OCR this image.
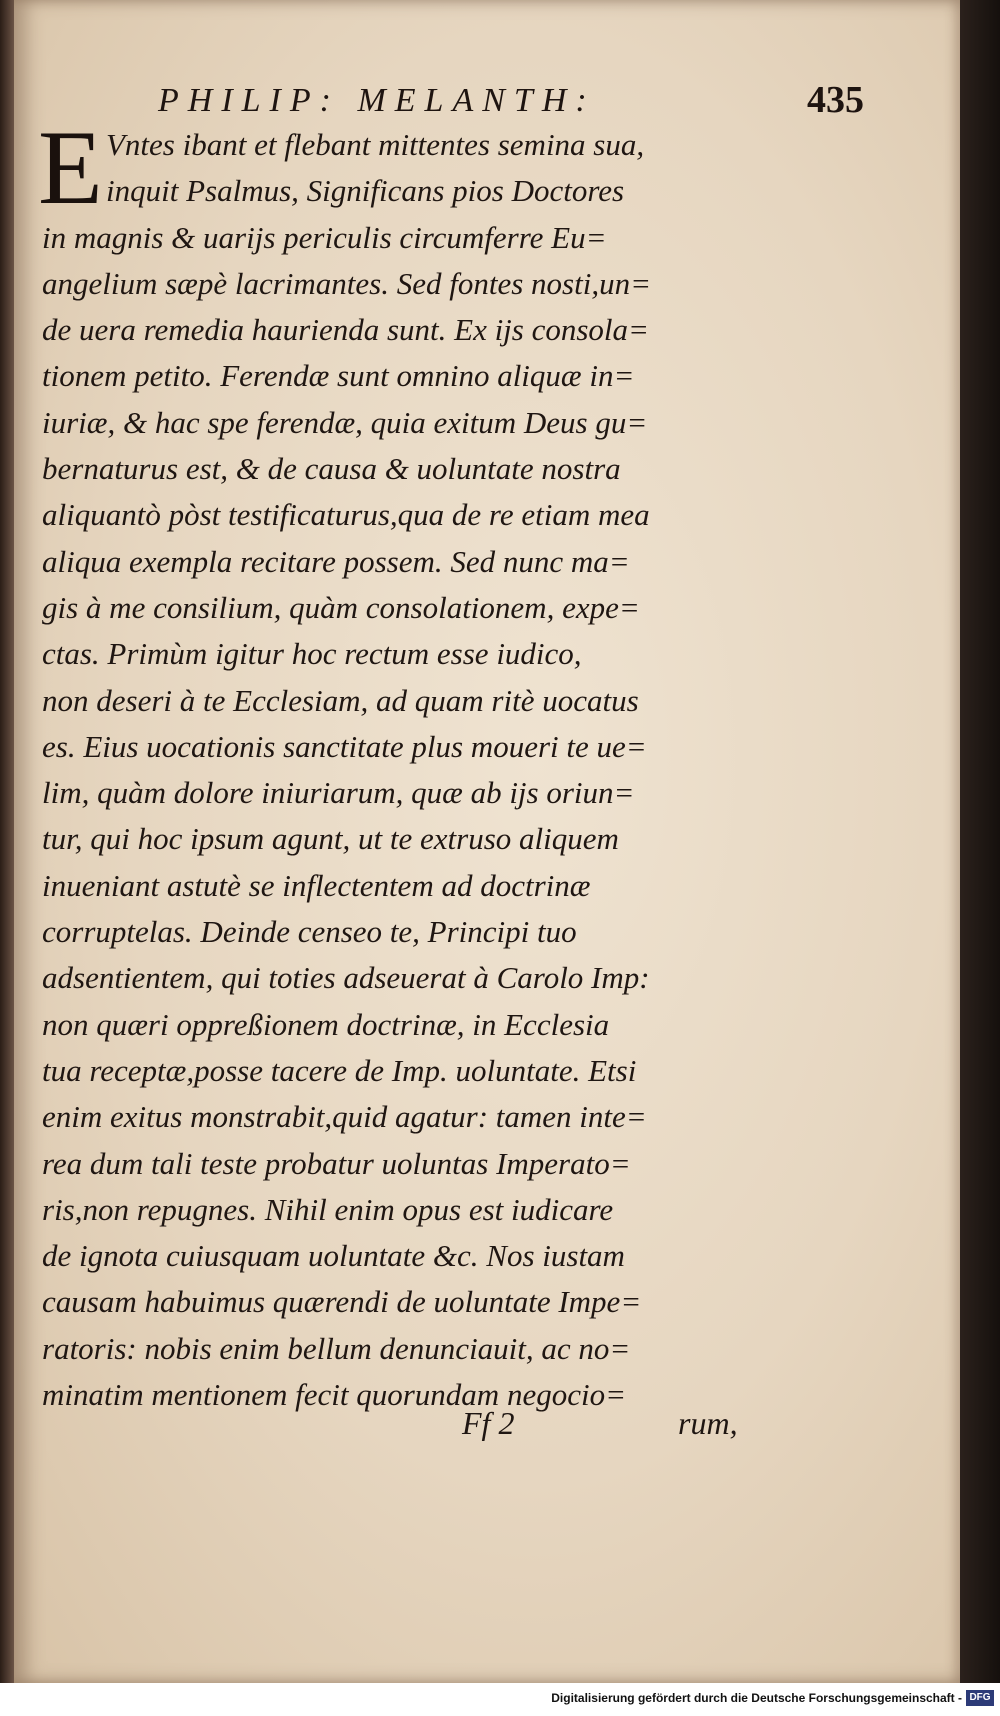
PHILIP: MELANTH:	435
E Vntes ibant et flebant mittentes semina sua,
inquit Psalmus, Significans pios Doctores
in magnis & uarijs periculis circumferre Eu=
angelium sæpè lacrimantes. Sed fontes nosti,un=
de uera remedia haurienda sunt. Ex ijs consola=
tionem petito. Ferendæ sunt omnino aliquæ in=
iuriæ, & hac spe ferendæ, quia exitum Deus gu=
bernaturus est, & de causa & uoluntate nostra
aliquantò pòst testificaturus,qua de re etiam mea
aliqua exempla recitare possem. Sed nunc ma=
gis à me consilium, quàm consolationem, expe=
ctas. Primùm igitur hoc rectum esse iudico,
non deseri à te Ecclesiam, ad quam ritè uocatus
es. Eius uocationis sanctitate plus moueri te ue=
lim, quàm dolore iniuriarum, quæ ab ijs oriun=
tur, qui hoc ipsum agunt, ut te extruso aliquem
inueniant astutè se inflectentem ad doctrinæ
corruptelas. Deinde censeo te, Principi tuo
adsentientem, qui toties adseuerat à Carolo Imp:
non quæri oppreßionem doctrinæ, in Ecclesia
tua receptæ,posse tacere de Imp. uoluntate. Etsi
enim exitus monstrabit,quid agatur: tamen inte=
rea dum tali teste probatur uoluntas Imperato=
ris,non repugnes. Nihil enim opus est iudicare
de ignota cuiusquam uoluntate &c. Nos iustam
causam habuimus quærendi de uoluntate Impe=
ratoris: nobis enim bellum denunciauit, ac no=
minatim mentionem fecit quorundam negocio=
Ff 2	rum,
Digitalisierung gefördert durch die Deutsche Forschungsgemeinschaft - DFG
